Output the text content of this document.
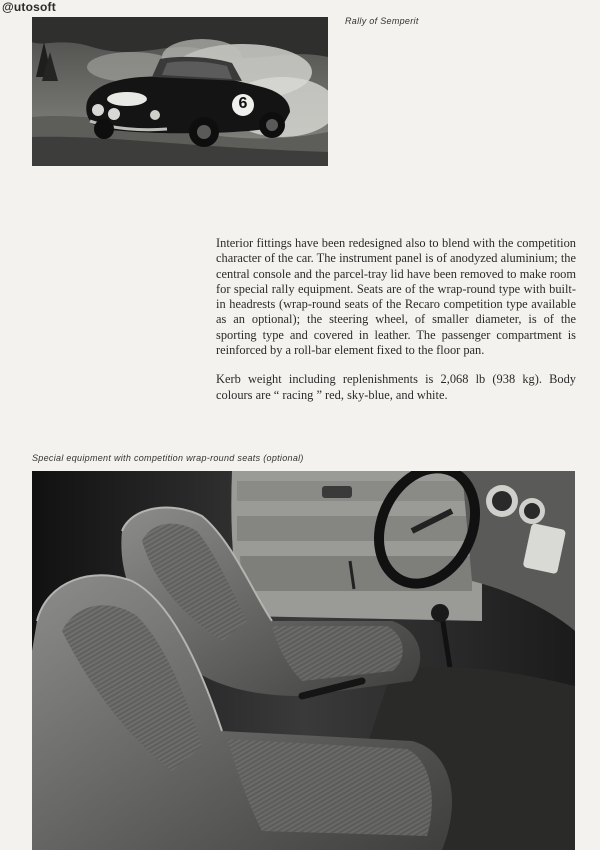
@utosoft
6
Rally of Semperit

Interior fittings have been redesigned also to blend with the competition character of the car. The instrument panel is of anodyzed aluminium; the central console and the parcel-tray lid have been removed to make room for special rally equipment. Seats are of the wrap-round type with built-in headrests (wrap-round seats of the Recaro competition type available as an optional); the steering wheel, of smaller diameter, is of the sporting type and covered in leather. The passenger compartment is reinforced by a roll-bar element fixed to the floor pan.

Kerb weight including replenishments is 2,068 lb (938 kg). Body colours are “ racing ” red, sky-blue, and white.

Special equipment with competition wrap-round seats (optional)
